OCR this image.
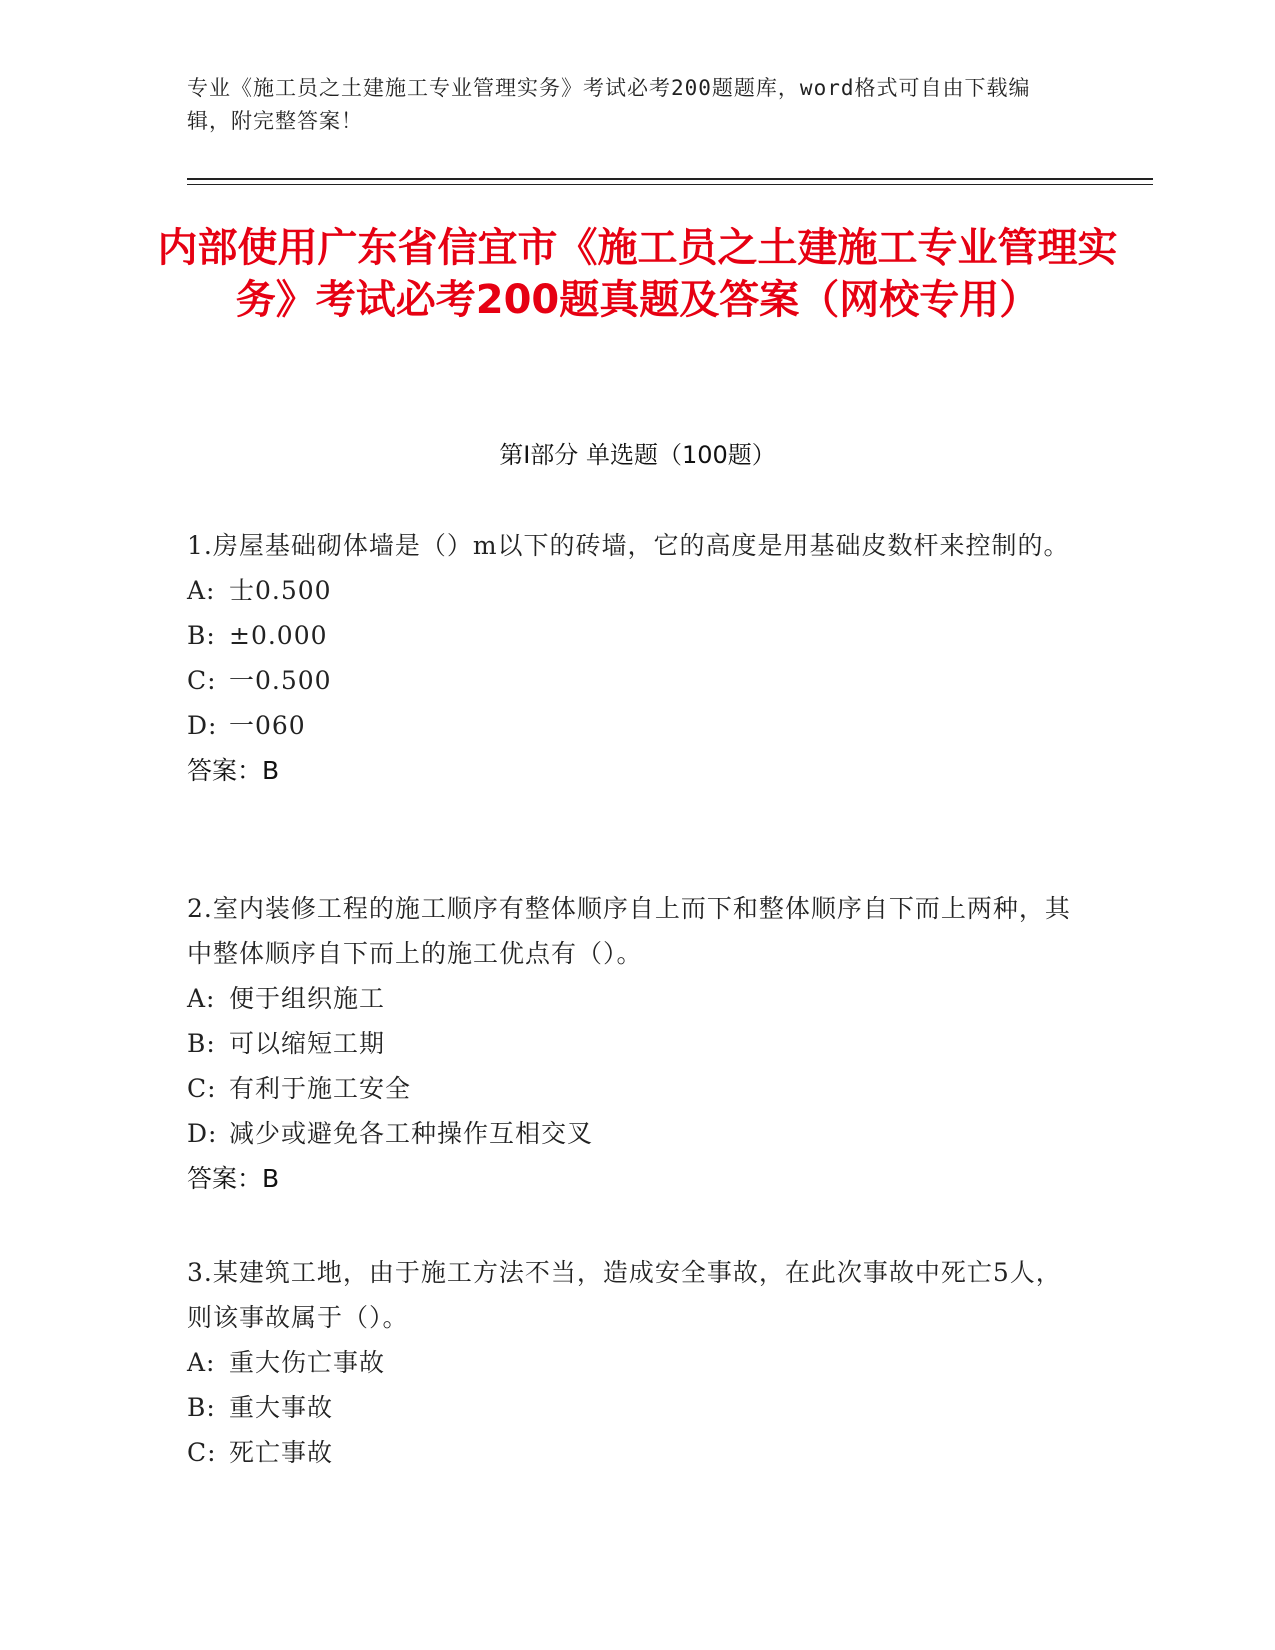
专业《施工员之土建施工专业管理实务》考试必考200题题库，word格式可自由下载编辑，附完整答案！
内部使用广东省信宜市《施工员之土建施工专业管理实务》考试必考200题真题及答案（网校专用）
第Ⅰ部分 单选题（100题）
1.房屋基础砌体墙是（）m以下的砖墙，它的高度是用基础皮数杆来控制的。
A: 士0.500
B: ±0.000
C: 一0.500
D: 一060
答案：B
2.室内装修工程的施工顺序有整体顺序自上而下和整体顺序自下而上两种，其中整体顺序自下而上的施工优点有（）。
A: 便于组织施工
B: 可以缩短工期
C: 有利于施工安全
D: 减少或避免各工种操作互相交叉
答案：B
3.某建筑工地，由于施工方法不当，造成安全事故，在此次事故中死亡5人，则该事故属于（）。
A: 重大伤亡事故
B: 重大事故
C: 死亡事故
